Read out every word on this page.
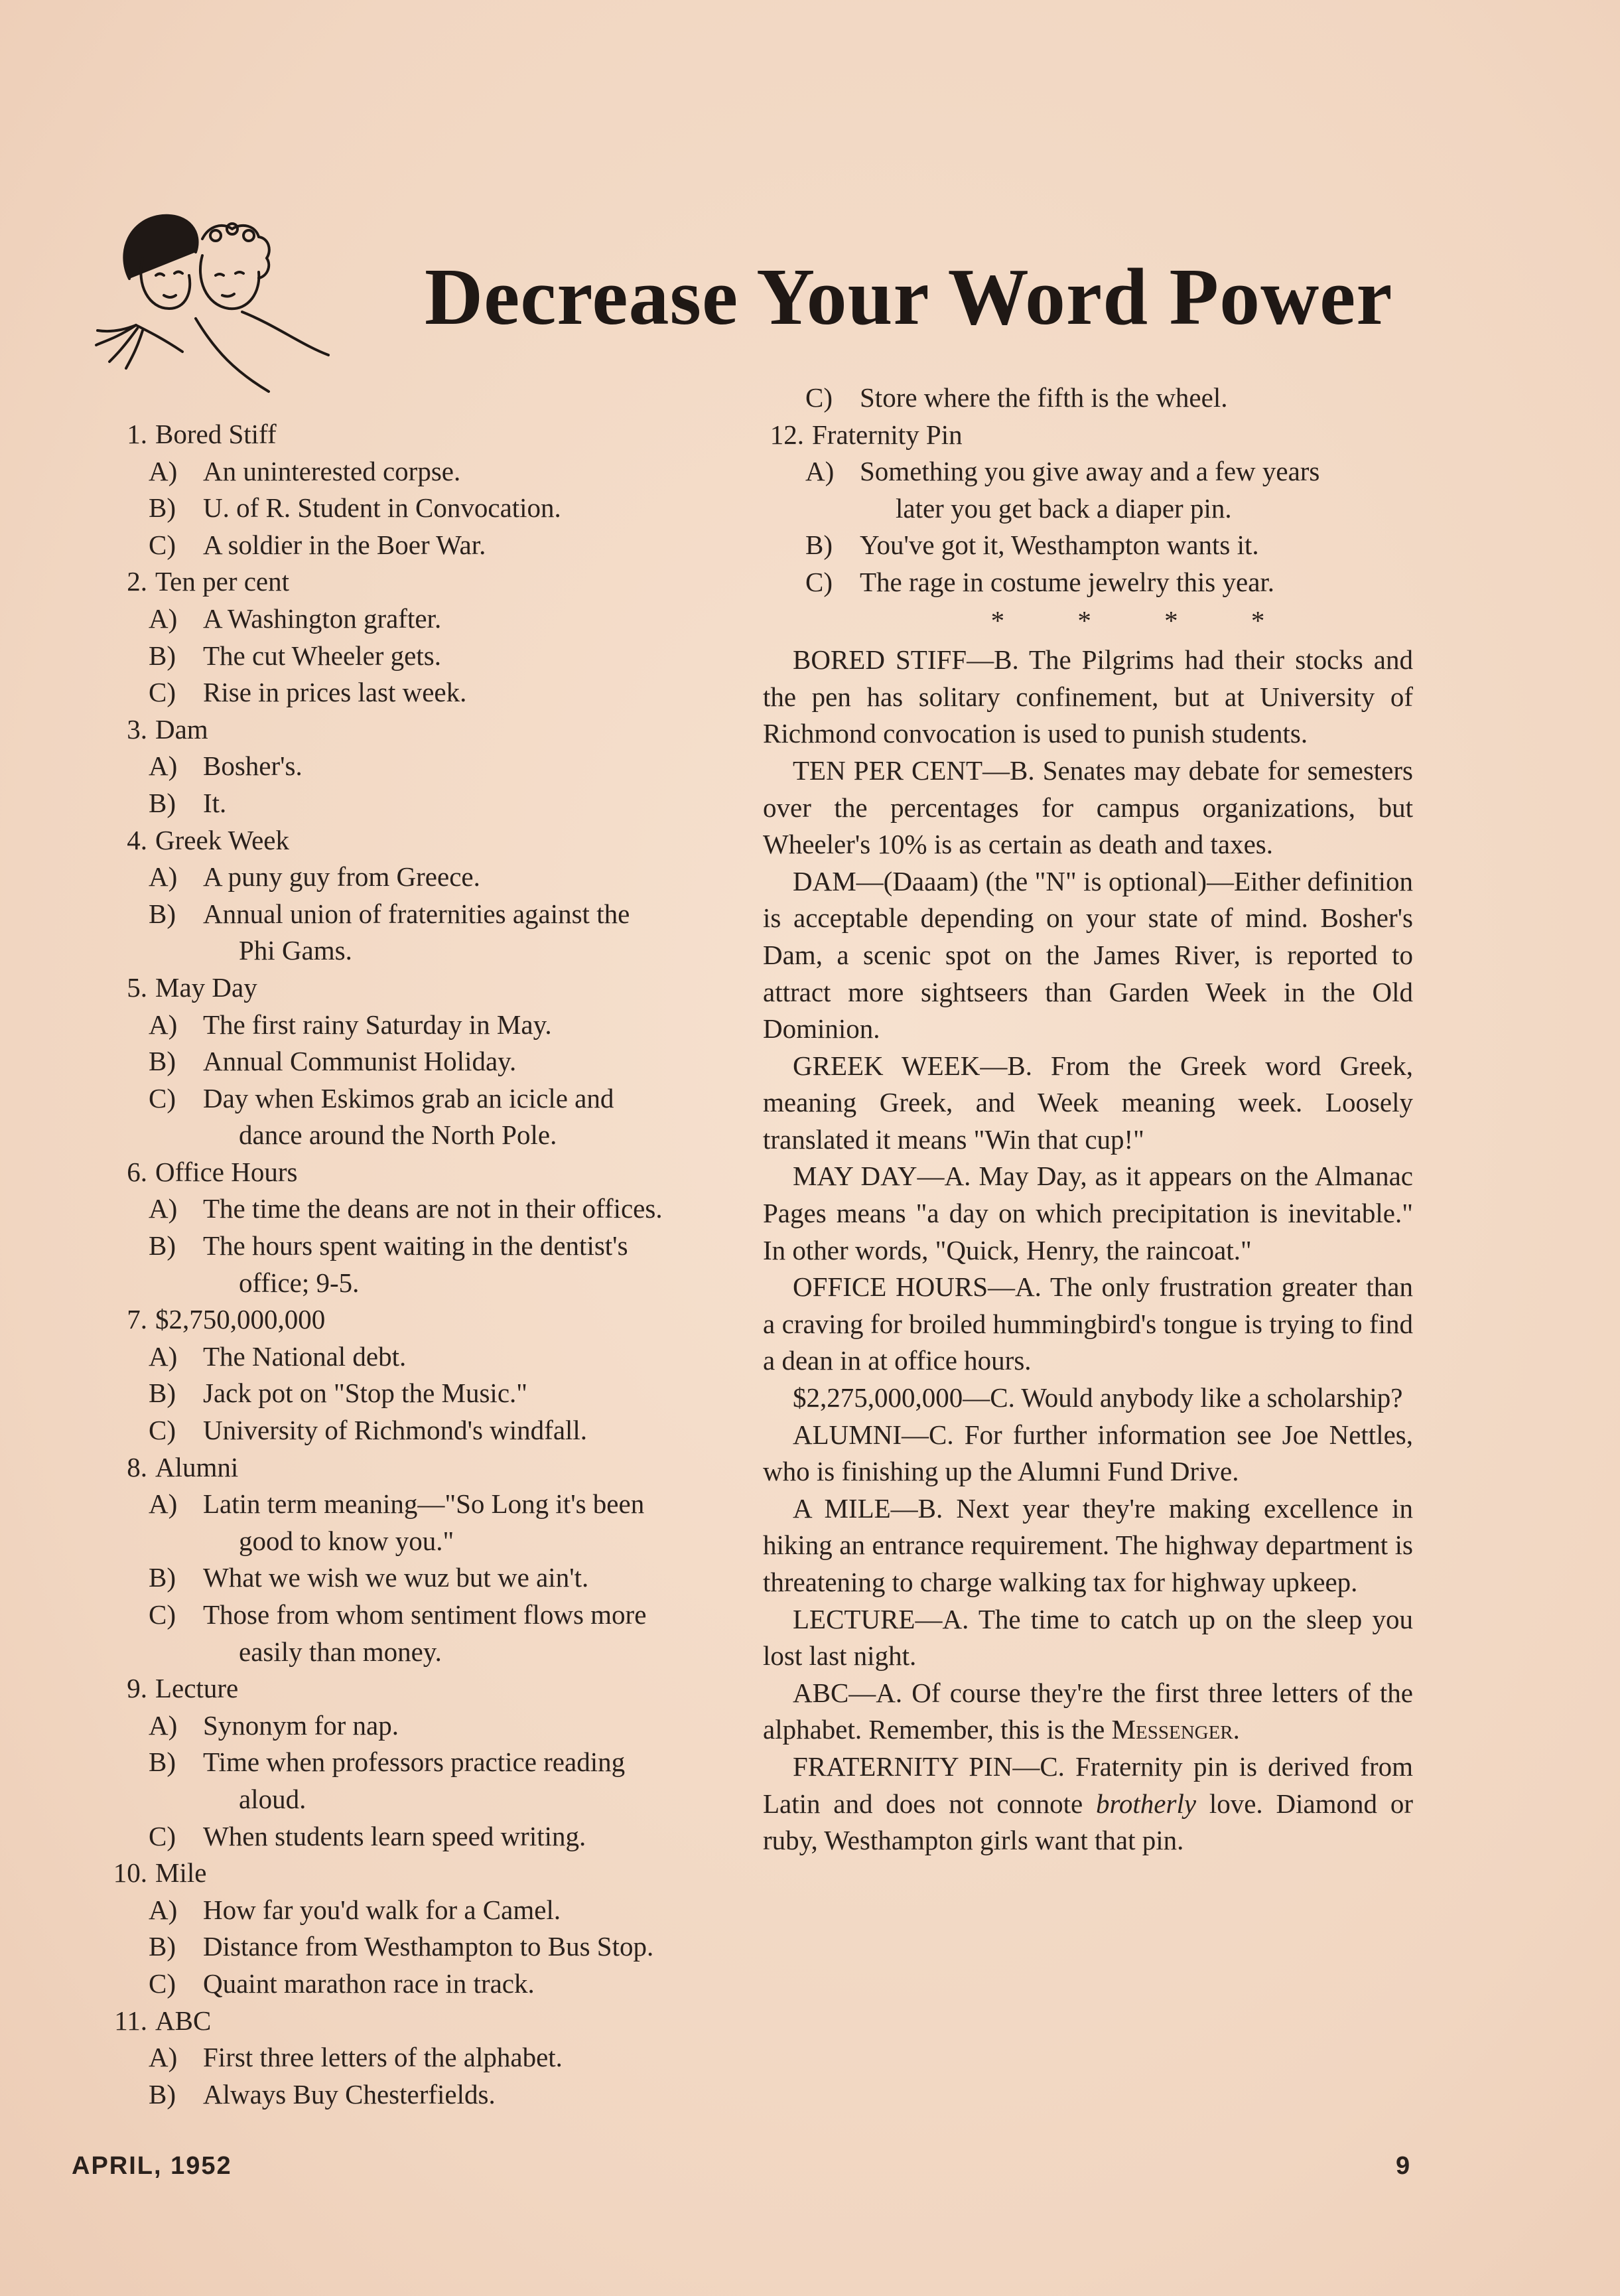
Decrease Your Word Power
1. Bored Stiff
A) An uninterested corpse.
B)	U. of R. Student in Convocation.
C)	A soldier in the Boer War.
2. Ten per cent
A) A Washington grafter.
B)	The cut Wheeler gets.
C)	Rise in prices last week.
3. Dam
A) Bosher's.
B)	It.
4. Greek Week
A) A puny guy from Greece.
B)	Annual union of fraternities against the
Phi Gams.
5. May Day
A) The first rainy Saturday in May.
B)	Annual Communist Holiday.
C)	Day when Eskimos grab an icicle and
dance around the North Pole.
6. Office Hours
A) The time the deans are not in their offices.
B)	The hours spent waiting in the dentist's
office; 9-5.
7. $2,750,000,000
A) The National debt.
B)	Jack pot on "Stop the Music."
C)	University of Richmond's windfall.
8. Alumni
A) Latin term meaning—"So Long it's been
good to know you."
B)	What we wish we wuz but we ain't.
C)	Those from whom sentiment flows more
easily than money.
9. Lecture
A) Synonym for nap.
B)	Time when professors practice reading
aloud.
C)	When students learn speed writing.
10. Mile
A) How far you'd walk for a Camel.
B)	Distance from Westhampton to Bus Stop.
C)	Quaint marathon race in track.
11. ABC
A) First three letters of the alphabet.
B)	Always Buy Chesterfields.
C)	Store where the fifth is the wheel.
12. Fraternity Pin
A) Something you give away and a few years
later you get back a diaper pin.
B)	You've got it, Westhampton wants it.
C)	The rage in costume jewelry this year.
* * * *
BORED STIFF—B. The Pilgrims had their stocks and the pen has solitary confinement, but at University of Richmond convocation is used to punish students.
TEN PER CENT—B. Senates may debate for semesters over the percentages for campus organizations, but Wheeler's 10% is as certain as death and taxes.
DAM—(Daaam) (the "N" is optional)—Either definition is acceptable depending on your state of mind. Bosher's Dam, a scenic spot on the James River, is reported to attract more sightseers than Garden Week in the Old Dominion.
GREEK WEEK—B. From the Greek word Greek, meaning Greek, and Week meaning week. Loosely translated it means "Win that cup!"
MAY DAY—A. May Day, as it appears on the Almanac Pages means "a day on which precipitation is inevitable." In other words, "Quick, Henry, the raincoat."
OFFICE HOURS—A. The only frustration greater than a craving for broiled hummingbird's tongue is trying to find a dean in at office hours.
$2,275,000,000—C. Would anybody like a scholarship?
ALUMNI—C. For further information see Joe Nettles, who is finishing up the Alumni Fund Drive.
A MILE—B. Next year they're making excellence in hiking an entrance requirement. The highway department is threatening to charge walking tax for highway upkeep.
LECTURE—A. The time to catch up on the sleep you lost last night.
ABC—A. Of course they're the first three letters of the alphabet. Remember, this is the Messenger.
FRATERNITY PIN—C. Fraternity pin is derived from Latin and does not connote brotherly love. Diamond or ruby, Westhampton girls want that pin.
APRIL, 1952	9
